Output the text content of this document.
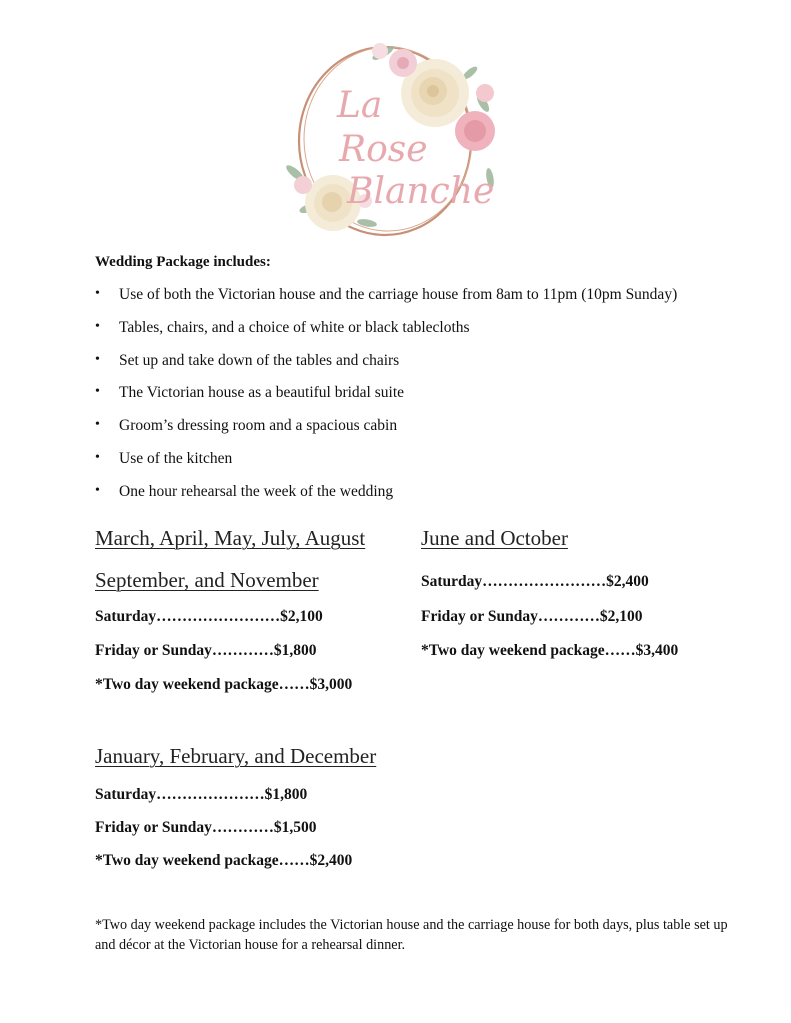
La
Rose
Blanche
Wedding Package includes:
• Use of both the Victorian house and the carriage house from 8am to 11pm (10pm Sunday)
• Tables, chairs, and a choice of white or black tablecloths
• Set up and take down of the tables and chairs
• The Victorian house as a beautiful bridal suite
• Groom’s dressing room and a spacious cabin
• Use of the kitchen
• One hour rehearsal the week of the wedding
March, April, May, July, August
September, and November
Saturday……………………$2,100
Friday or Sunday…………$1,800
*Two day weekend package……$3,000
June and October
Saturday……………………$2,400
Friday or Sunday…………$2,100
*Two day weekend package……$3,400
January, February, and December
Saturday…………………$1,800
Friday or Sunday…………$1,500
*Two day weekend package……$2,400
*Two day weekend package includes the Victorian house and the carriage house for both days, plus table set up and décor at the Victorian house for a rehearsal dinner.
